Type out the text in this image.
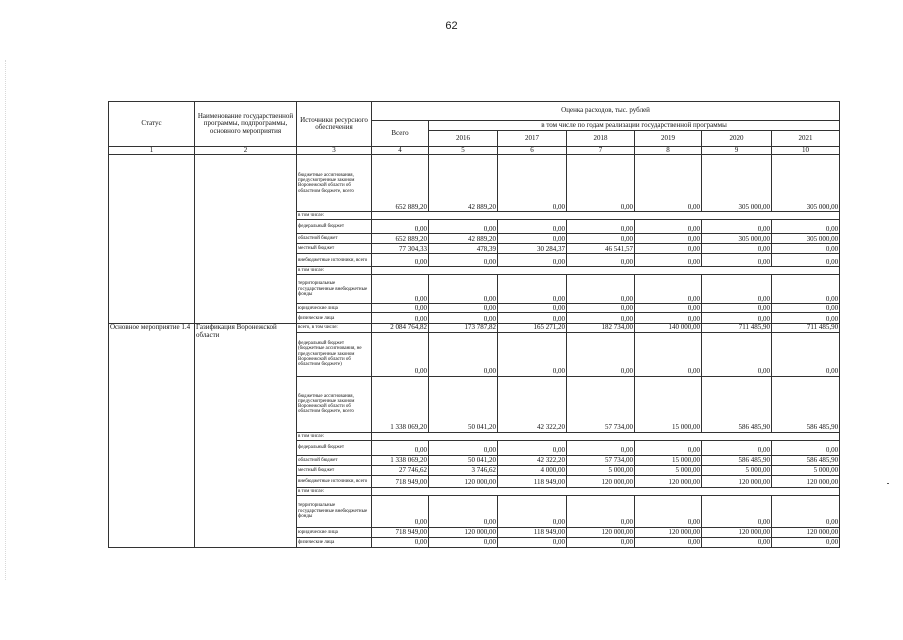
62
Статус	Наименование государственной программы, подпрограммы, основного мероприятия	Источники ресурсного обеспечения	Оценка расходов, тыс. рублей						
			Всего	в том числе по годам реализации государственной программы					
				2016	2017	2018	2019	2020	2021
1	2	3	4	5	6	7	8	9	10
		бюджетные ассигнования, предусмотренные законом Воронежской области об областном бюджете, всего	652 889,20	42 889,20	0,00	0,00	0,00	305 000,00	305 000,00
		в том числе:							
		федеральный бюджет	0,00	0,00	0,00	0,00	0,00	0,00	0,00
		областной бюджет	652 889,20	42 889,20	0,00	0,00	0,00	305 000,00	305 000,00
		местный бюджет	77 304,33	478,39	30 284,37	46 541,57	0,00	0,00	0,00
		внебюджетные источники, всего	0,00	0,00	0,00	0,00	0,00	0,00	0,00
		в том числе:							
		территориальные государственные внебюджетные фонды	0,00	0,00	0,00	0,00	0,00	0,00	0,00
		юридические лица	0,00	0,00	0,00	0,00	0,00	0,00	0,00
		физические лица	0,00	0,00	0,00	0,00	0,00	0,00	0,00
Основное мероприятие 1.4	Газификация Воронежской области	всего, в том числе:	2 084 764,82	173 787,82	165 271,20	182 734,00	140 000,00	711 485,90	711 485,90
		федеральный бюджет (бюджетные ассигнования, не предусмотренные законом Воронежской области об областном бюджете)	0,00	0,00	0,00	0,00	0,00	0,00	0,00
		бюджетные ассигнования, предусмотренные законом Воронежской области об областном бюджете, всего	1 338 069,20	50 041,20	42 322,20	57 734,00	15 000,00	586 485,90	586 485,90
		в том числе:							
		федеральный бюджет	0,00	0,00	0,00	0,00	0,00	0,00	0,00
		областной бюджет	1 338 069,20	50 041,20	42 322,20	57 734,00	15 000,00	586 485,90	586 485,90
		местный бюджет	27 746,62	3 746,62	4 000,00	5 000,00	5 000,00	5 000,00	5 000,00
		внебюджетные источники, всего	718 949,00	120 000,00	118 949,00	120 000,00	120 000,00	120 000,00	120 000,00
		в том числе:							
		территориальные государственные внебюджетные фонды	0,00	0,00	0,00	0,00	0,00	0,00	0,00
		юридические лица	718 949,00	120 000,00	118 949,00	120 000,00	120 000,00	120 000,00	120 000,00
		физические лица	0,00	0,00	0,00	0,00	0,00	0,00	0,00
